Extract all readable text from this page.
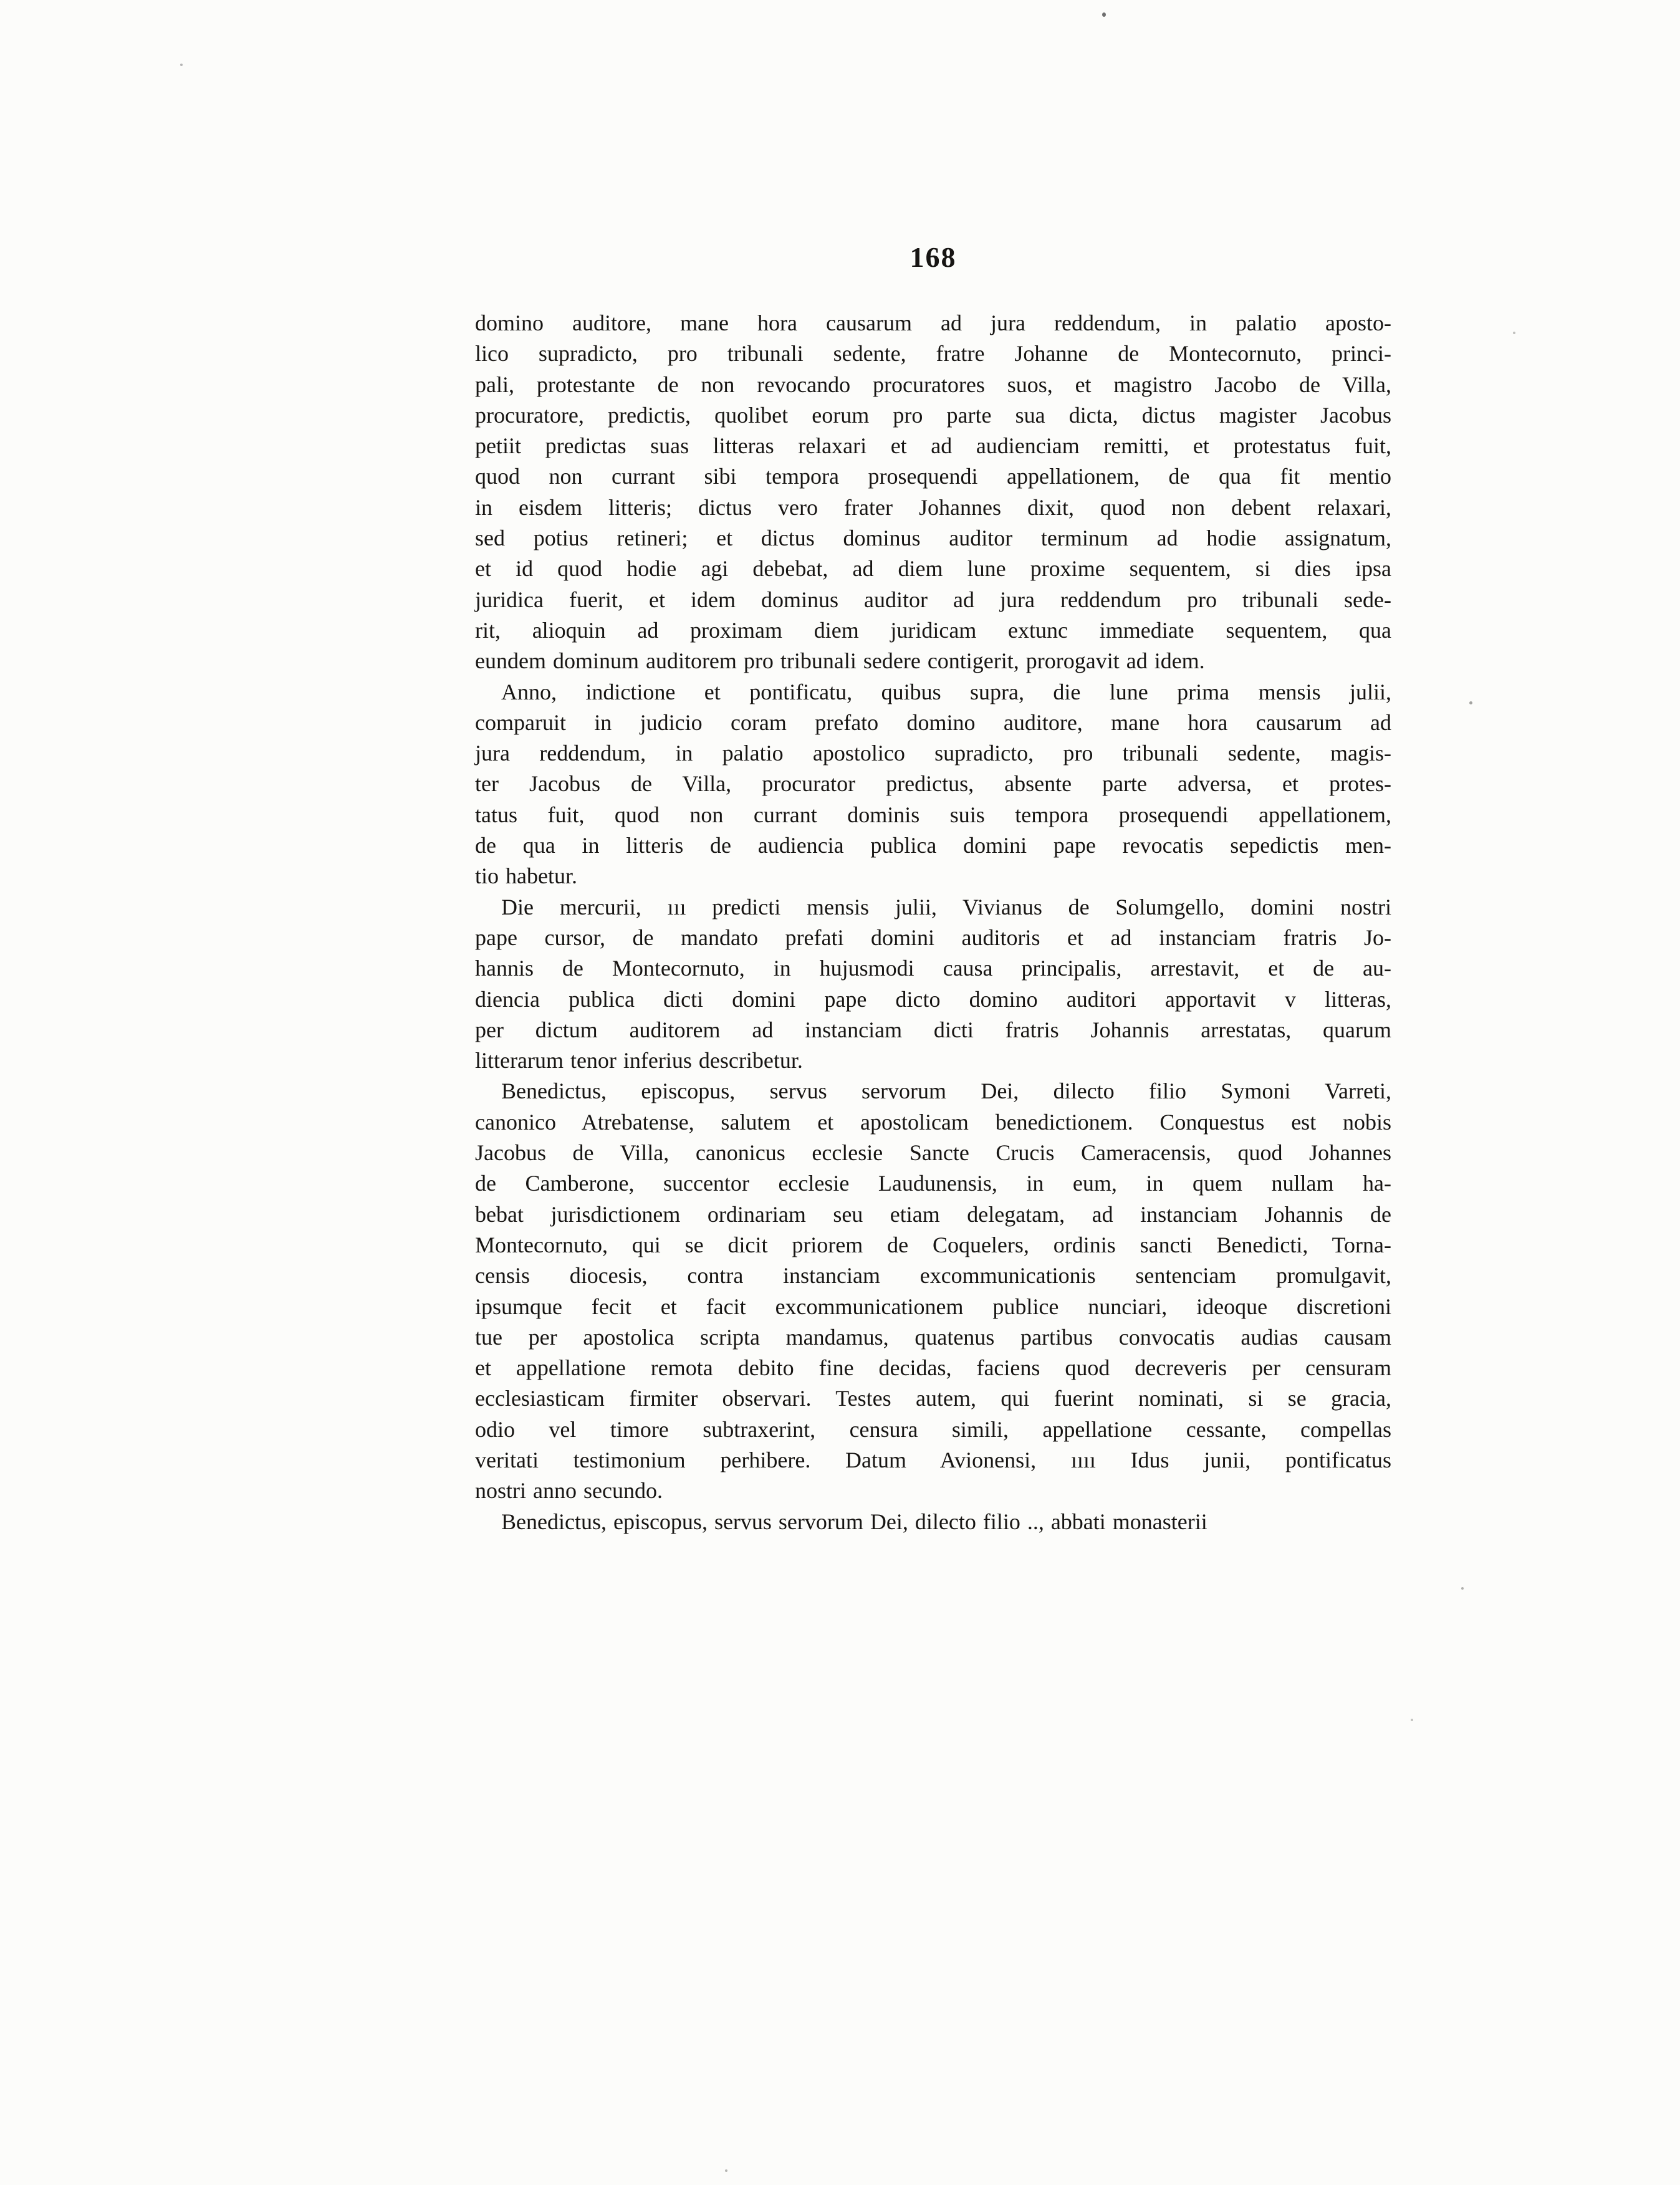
168
domino auditore, mane hora causarum ad jura reddendum, in palatio aposto-
lico supradicto, pro tribunali sedente, fratre Johanne de Montecornuto, princi-
pali, protestante de non revocando procuratores suos, et magistro Jacobo de Villa,
procuratore, predictis, quolibet eorum pro parte sua dicta, dictus magister Jacobus
petiit predictas suas litteras relaxari et ad audienciam remitti, et protestatus fuit,
quod non currant sibi tempora prosequendi appellationem, de qua fit mentio
in eisdem litteris; dictus vero frater Johannes dixit, quod non debent relaxari,
sed potius retineri; et dictus dominus auditor terminum ad hodie assignatum,
et id quod hodie agi debebat, ad diem lune proxime sequentem, si dies ipsa
juridica fuerit, et idem dominus auditor ad jura reddendum pro tribunali sede-
rit, alioquin ad proximam diem juridicam extunc immediate sequentem, qua
eundem dominum auditorem pro tribunali sedere contigerit, prorogavit ad idem.
Anno, indictione et pontificatu, quibus supra, die lune prima mensis julii,
comparuit in judicio coram prefato domino auditore, mane hora causarum ad
jura reddendum, in palatio apostolico supradicto, pro tribunali sedente, magis-
ter Jacobus de Villa, procurator predictus, absente parte adversa, et protes-
tatus fuit, quod non currant dominis suis tempora prosequendi appellationem,
de qua in litteris de audiencia publica domini pape revocatis sepedictis men-
tio habetur.
Die mercurii, ııı predicti mensis julii, Vivianus de Solumgello, domini nostri
pape cursor, de mandato prefati domini auditoris et ad instanciam fratris Jo-
hannis de Montecornuto, in hujusmodi causa principalis, arrestavit, et de au-
diencia publica dicti domini pape dicto domino auditori apportavit v litteras,
per dictum auditorem ad instanciam dicti fratris Johannis arrestatas, quarum
litterarum tenor inferius describetur.
Benedictus, episcopus, servus servorum Dei, dilecto filio Symoni Varreti,
canonico Atrebatense, salutem et apostolicam benedictionem. Conquestus est nobis
Jacobus de Villa, canonicus ecclesie Sancte Crucis Cameracensis, quod Johannes
de Camberone, succentor ecclesie Laudunensis, in eum, in quem nullam ha-
bebat jurisdictionem ordinariam seu etiam delegatam, ad instanciam Johannis de
Montecornuto, qui se dicit priorem de Coquelers, ordinis sancti Benedicti, Torna-
censis diocesis, contra instanciam excommunicationis sentenciam promulgavit,
ipsumque fecit et facit excommunicationem publice nunciari, ideoque discretioni
tue per apostolica scripta mandamus, quatenus partibus convocatis audias causam
et appellatione remota debito fine decidas, faciens quod decreveris per censuram
ecclesiasticam firmiter observari. Testes autem, qui fuerint nominati, si se gracia,
odio vel timore subtraxerint, censura simili, appellatione cessante, compellas
veritati testimonium perhibere. Datum Avionensi, ıııı Idus junii, pontificatus
nostri anno secundo.
Benedictus, episcopus, servus servorum Dei, dilecto filio .., abbati monasterii
